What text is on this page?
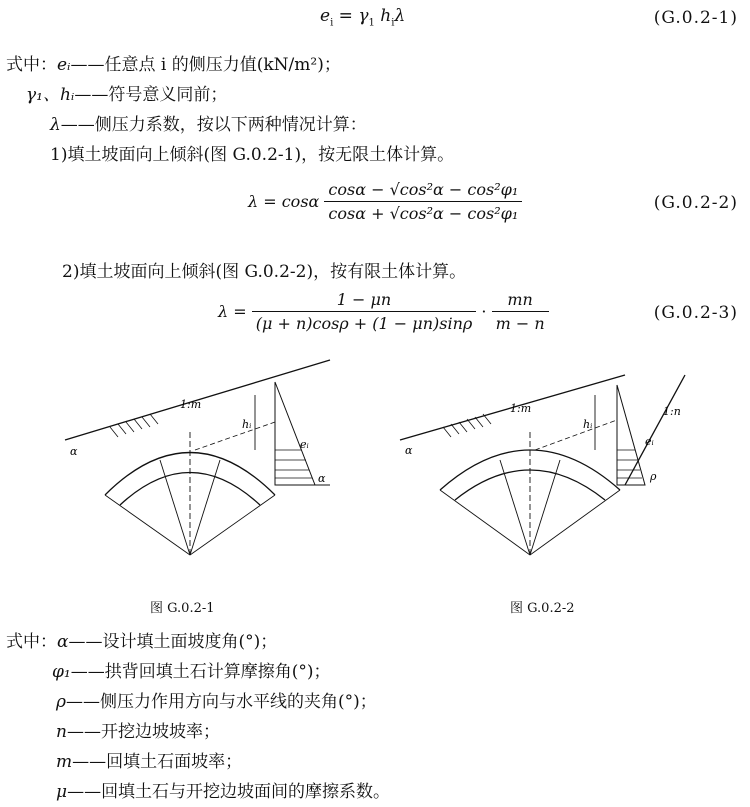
$e_i = \gamma_1$ $h_i\lambda$	(G.0.2-1)
式中：eᵢ——任意点 i 的侧压力值(kN/m²)；
γ₁、hᵢ——符号意义同前；
λ——侧压力系数，按以下两种情况计算：
1)填土坡面向上倾斜(图 G.0.2-1)，按无限土体计算。
λ = cosα $\frac{\text{cosα − √cos²α − cos²φ₁}}{\text{cosα + √cos²α − cos²φ₁}}$	(G.0.2-2)
2)填土坡面向上倾斜(图 G.0.2-2)，按有限土体计算。
$\lambda = \frac{1 - \mu n}{(\mu + n)\cos\rho + (1 - \mu n)\sin\rho} \cdot \frac{mn}{m - n}$	(G.0.2-3)
1:m
hᵢ
eᵢ
α
α
图 G.0.2-1
1:m	1:n
hᵢ
eᵢ
α
ρ
图 G.0.2-2
式中：α——设计填土面坡度角(°)；
φ₁——拱背回填土石计算摩擦角(°)；
ρ——侧压力作用方向与水平线的夹角(°)；
n——开挖边坡坡率；
m——回填土石面坡率；
μ——回填土石与开挖边坡面间的摩擦系数。
